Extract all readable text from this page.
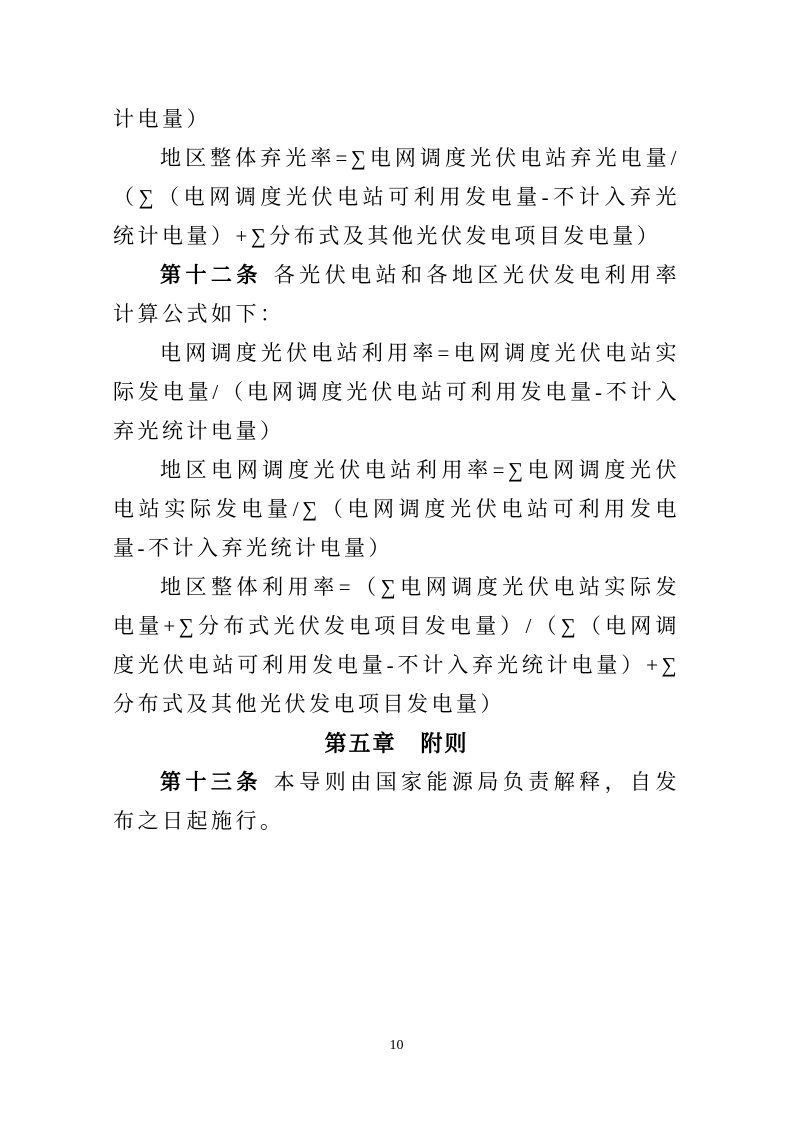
计电量）

地区整体弃光率=∑电网调度光伏电站弃光电量/（∑（电网调度光伏电站可利用发电量-不计入弃光统计电量）+∑分布式及其他光伏发电项目发电量）

第十二条 各光伏电站和各地区光伏发电利用率计算公式如下：

电网调度光伏电站利用率=电网调度光伏电站实际发电量/（电网调度光伏电站可利用发电量-不计入弃光统计电量）

地区电网调度光伏电站利用率=∑电网调度光伏电站实际发电量/∑（电网调度光伏电站可利用发电量-不计入弃光统计电量）

地区整体利用率=（∑电网调度光伏电站实际发电量+∑分布式光伏发电项目发电量）/（∑（电网调度光伏电站可利用发电量-不计入弃光统计电量）+∑分布式及其他光伏发电项目发电量）

第五章　附则

第十三条 本导则由国家能源局负责解释，自发布之日起施行。

10
